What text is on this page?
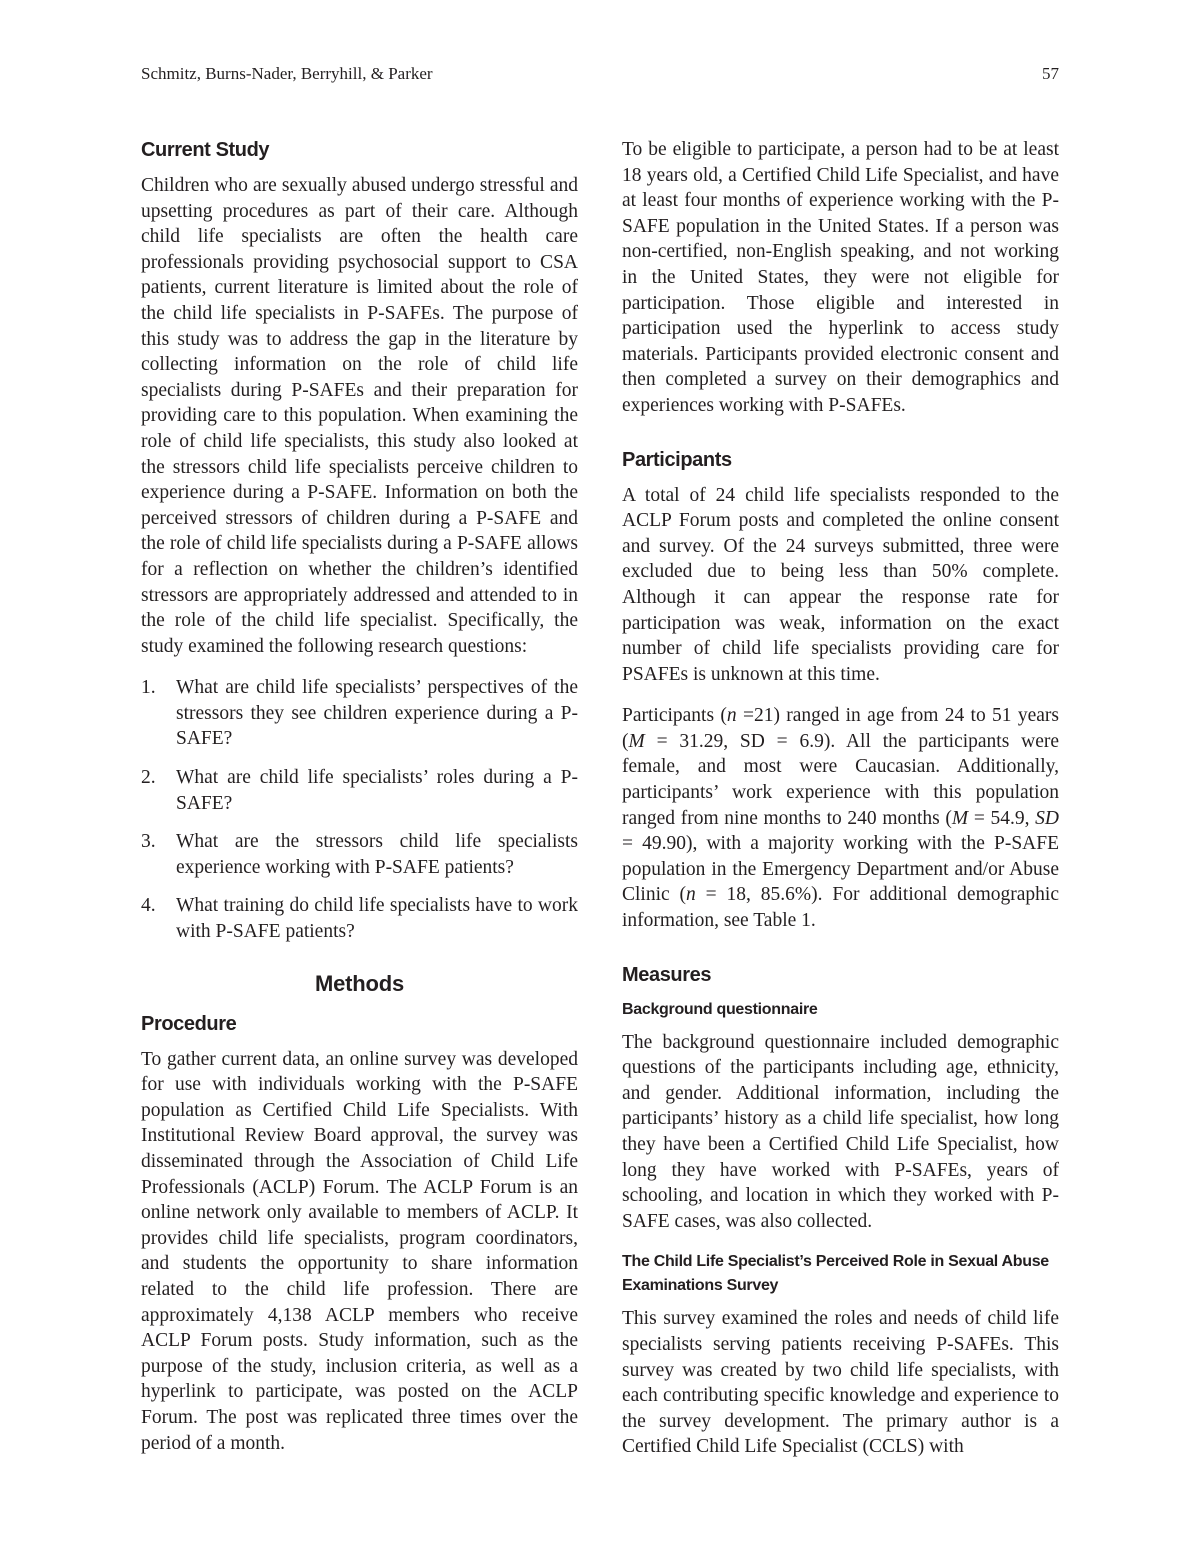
Schmitz, Burns-Nader, Berryhill, & Parker	57
Current Study

Children who are sexually abused undergo stressful and upsetting procedures as part of their care. Although child life specialists are often the health care professionals providing psychosocial support to CSA patients, current literature is limited about the role of the child life specialists in P-SAFEs. The purpose of this study was to address the gap in the literature by collecting information on the role of child life specialists during P-SAFEs and their preparation for providing care to this population. When examining the role of child life specialists, this study also looked at the stressors child life specialists perceive children to experience during a P-SAFE. Information on both the perceived stressors of children during a P-SAFE and the role of child life specialists during a P-SAFE allows for a reflection on whether the children’s identified stressors are appropriately addressed and attended to in the role of the child life specialist. Specifically, the study examined the following research questions:

1.	What are child life specialists’ perspectives of the stressors they see children experience during a P-SAFE?
2.	What are child life specialists’ roles during a P-SAFE?
3.	What are the stressors child life specialists experience working with P-SAFE patients?
4.	What training do child life specialists have to work with P-SAFE patients?
Methods
Procedure

To gather current data, an online survey was developed for use with individuals working with the P-SAFE population as Certified Child Life Specialists. With Institutional Review Board approval, the survey was disseminated through the Association of Child Life Professionals (ACLP) Forum. The ACLP Forum is an online network only available to members of ACLP. It provides child life specialists, program coordinators, and students the opportunity to share information related to the child life profession. There are approximately 4,138 ACLP members who receive ACLP Forum posts. Study information, such as the purpose of the study, inclusion criteria, as well as a hyperlink to participate, was posted on the ACLP Forum. The post was replicated three times over the period of a month.

To be eligible to participate, a person had to be at least 18 years old, a Certified Child Life Specialist, and have at least four months of experience working with the P-SAFE population in the United States. If a person was non-certified, non-English speaking, and not working in the United States, they were not eligible for participation. Those eligible and interested in participation used the hyperlink to access study materials. Participants provided electronic consent and then completed a survey on their demographics and experiences working with P-SAFEs.

Participants

A total of 24 child life specialists responded to the ACLP Forum posts and completed the online consent and survey. Of the 24 surveys submitted, three were excluded due to being less than 50% complete. Although it can appear the response rate for participation was weak, information on the exact number of child life specialists providing care for PSAFEs is unknown at this time.

Participants (n =21) ranged in age from 24 to 51 years (M = 31.29, SD = 6.9). All the participants were female, and most were Caucasian. Additionally, participants’ work experience with this population ranged from nine months to 240 months (M = 54.9, SD = 49.90), with a majority working with the P-SAFE population in the Emergency Department and/or Abuse Clinic (n = 18, 85.6%). For additional demographic information, see Table 1.

Measures
Background questionnaire

The background questionnaire included demographic questions of the participants including age, ethnicity, and gender. Additional information, including the participants’ history as a child life specialist, how long they have been a Certified Child Life Specialist, how long they have worked with P-SAFEs, years of schooling, and location in which they worked with P-SAFE cases, was also collected.

The Child Life Specialist’s Perceived Role in Sexual Abuse Examinations Survey

This survey examined the roles and needs of child life specialists serving patients receiving P-SAFEs. This survey was created by two child life specialists, with each contributing specific knowledge and experience to the survey development. The primary author is a Certified Child Life Specialist (CCLS) with
